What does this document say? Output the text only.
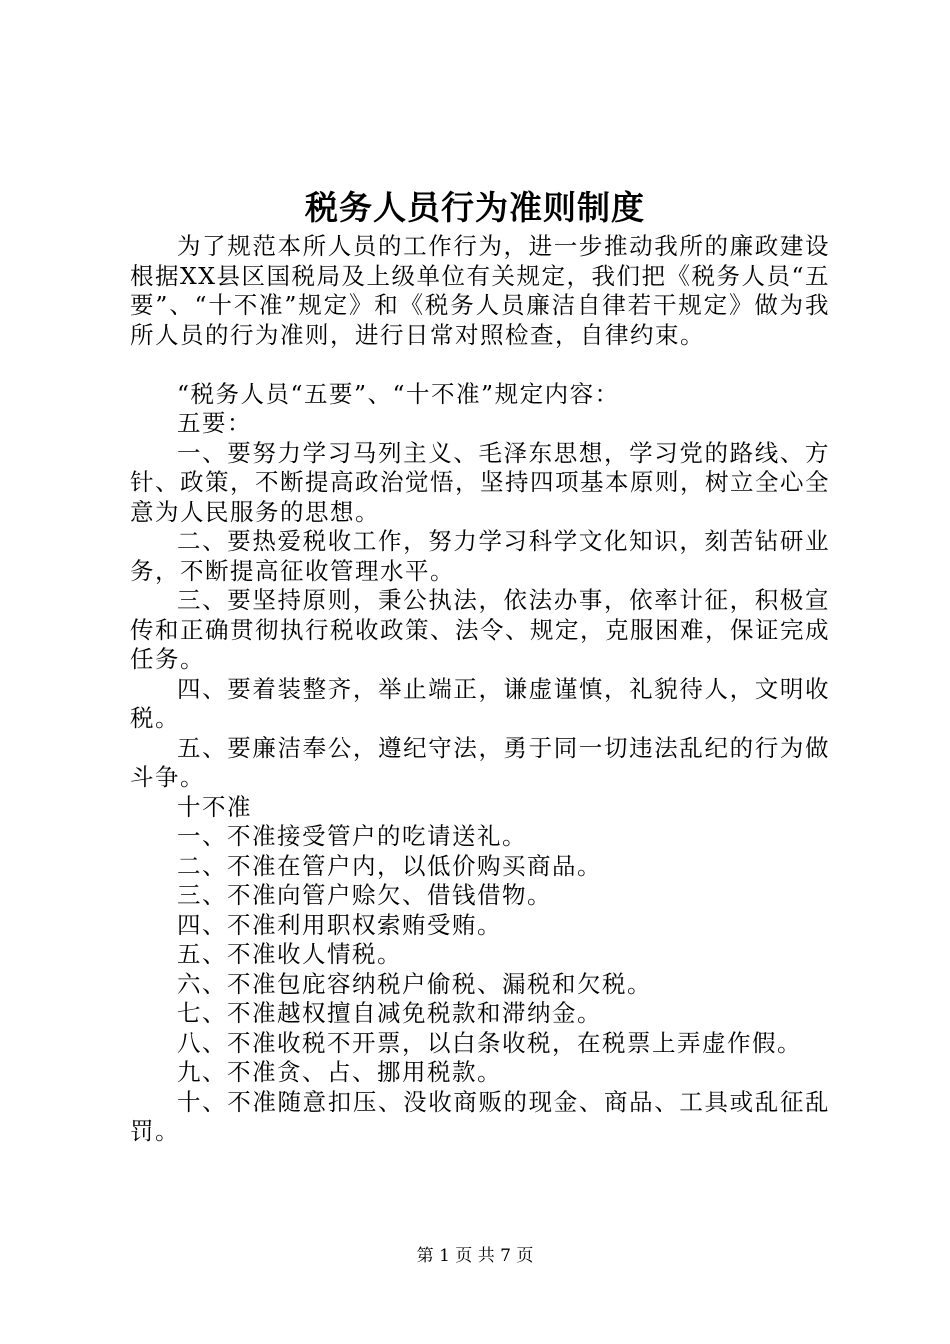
税务人员行为准则制度

为了规范本所人员的工作行为，进一步推动我所的廉政建设根据XX县区国税局及上级单位有关规定，我们把《税务人员“五要”、“十不准”规定》和《税务人员廉洁自律若干规定》做为我所人员的行为准则，进行日常对照检查，自律约束。

“税务人员“五要”、“十不准”规定内容：

五要：

一、要努力学习马列主义、毛泽东思想，学习党的路线、方针、政策，不断提高政治觉悟，坚持四项基本原则，树立全心全意为人民服务的思想。

二、要热爱税收工作，努力学习科学文化知识，刻苦钻研业务，不断提高征收管理水平。

三、要坚持原则，秉公执法，依法办事，依率计征，积极宣传和正确贯彻执行税收政策、法令、规定，克服困难，保证完成任务。

四、要着装整齐，举止端正，谦虚谨慎，礼貌待人，文明收税。

五、要廉洁奉公，遵纪守法，勇于同一切违法乱纪的行为做斗争。

十不准

一、不准接受管户的吃请送礼。

二、不准在管户内，以低价购买商品。

三、不准向管户赊欠、借钱借物。

四、不准利用职权索贿受贿。

五、不准收人情税。

六、不准包庇容纳税户偷税、漏税和欠税。

七、不准越权擅自减免税款和滞纳金。

八、不准收税不开票，以白条收税，在税票上弄虚作假。

九、不准贪、占、挪用税款。

十、不准随意扣压、没收商贩的现金、商品、工具或乱征乱罚。

第 1 页 共 7 页
